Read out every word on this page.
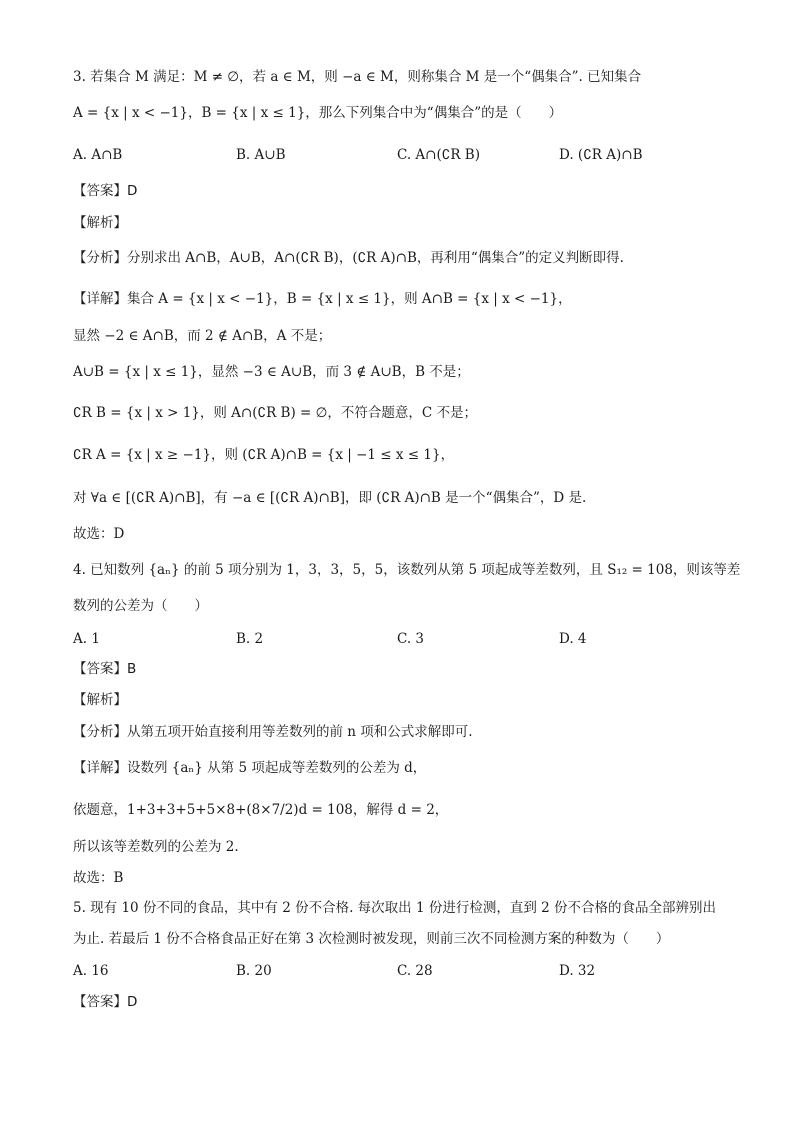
3. 若集合 M 满足：M ≠ ∅，若 a ∈ M，则 −a ∈ M，则称集合 M 是一个“偶集合”. 已知集合
A = {x | x < −1}，B = {x | x ≤ 1}，那么下列集合中为“偶集合”的是（　　）
A. A∩B	B. A∪B	C. A∩(∁R B)	D. (∁R A)∩B
【答案】D
【解析】
【分析】分别求出 A∩B，A∪B，A∩(∁R B)，(∁R A)∩B，再利用“偶集合”的定义判断即得.
【详解】集合 A = {x | x < −1}，B = {x | x ≤ 1}，则 A∩B = {x | x < −1}，
显然 −2 ∈ A∩B，而 2 ∉ A∩B，A 不是；
A∪B = {x | x ≤ 1}，显然 −3 ∈ A∪B，而 3 ∉ A∪B，B 不是；
∁R B = {x | x > 1}，则 A∩(∁R B) = ∅，不符合题意，C 不是；
∁R A = {x | x ≥ −1}，则 (∁R A)∩B = {x | −1 ≤ x ≤ 1}，
对 ∀a ∈ [(∁R A)∩B]，有 −a ∈ [(∁R A)∩B]，即 (∁R A)∩B 是一个“偶集合”，D 是.
故选：D
4. 已知数列 {aₙ} 的前 5 项分别为 1，3，3，5，5，该数列从第 5 项起成等差数列，且 S₁₂ = 108，则该等差
数列的公差为（　　）
A. 1	B. 2	C. 3	D. 4
【答案】B
【解析】
【分析】从第五项开始直接利用等差数列的前 n 项和公式求解即可.
【详解】设数列 {aₙ} 从第 5 项起成等差数列的公差为 d，
依题意，1+3+3+5+5×8+(8×7/2)d = 108，解得 d = 2，
所以该等差数列的公差为 2.
故选：B
5. 现有 10 份不同的食品，其中有 2 份不合格. 每次取出 1 份进行检测，直到 2 份不合格的食品全部辨别出
为止. 若最后 1 份不合格食品正好在第 3 次检测时被发现，则前三次不同检测方案的种数为（　　）
A. 16	B. 20	C. 28	D. 32
【答案】D
